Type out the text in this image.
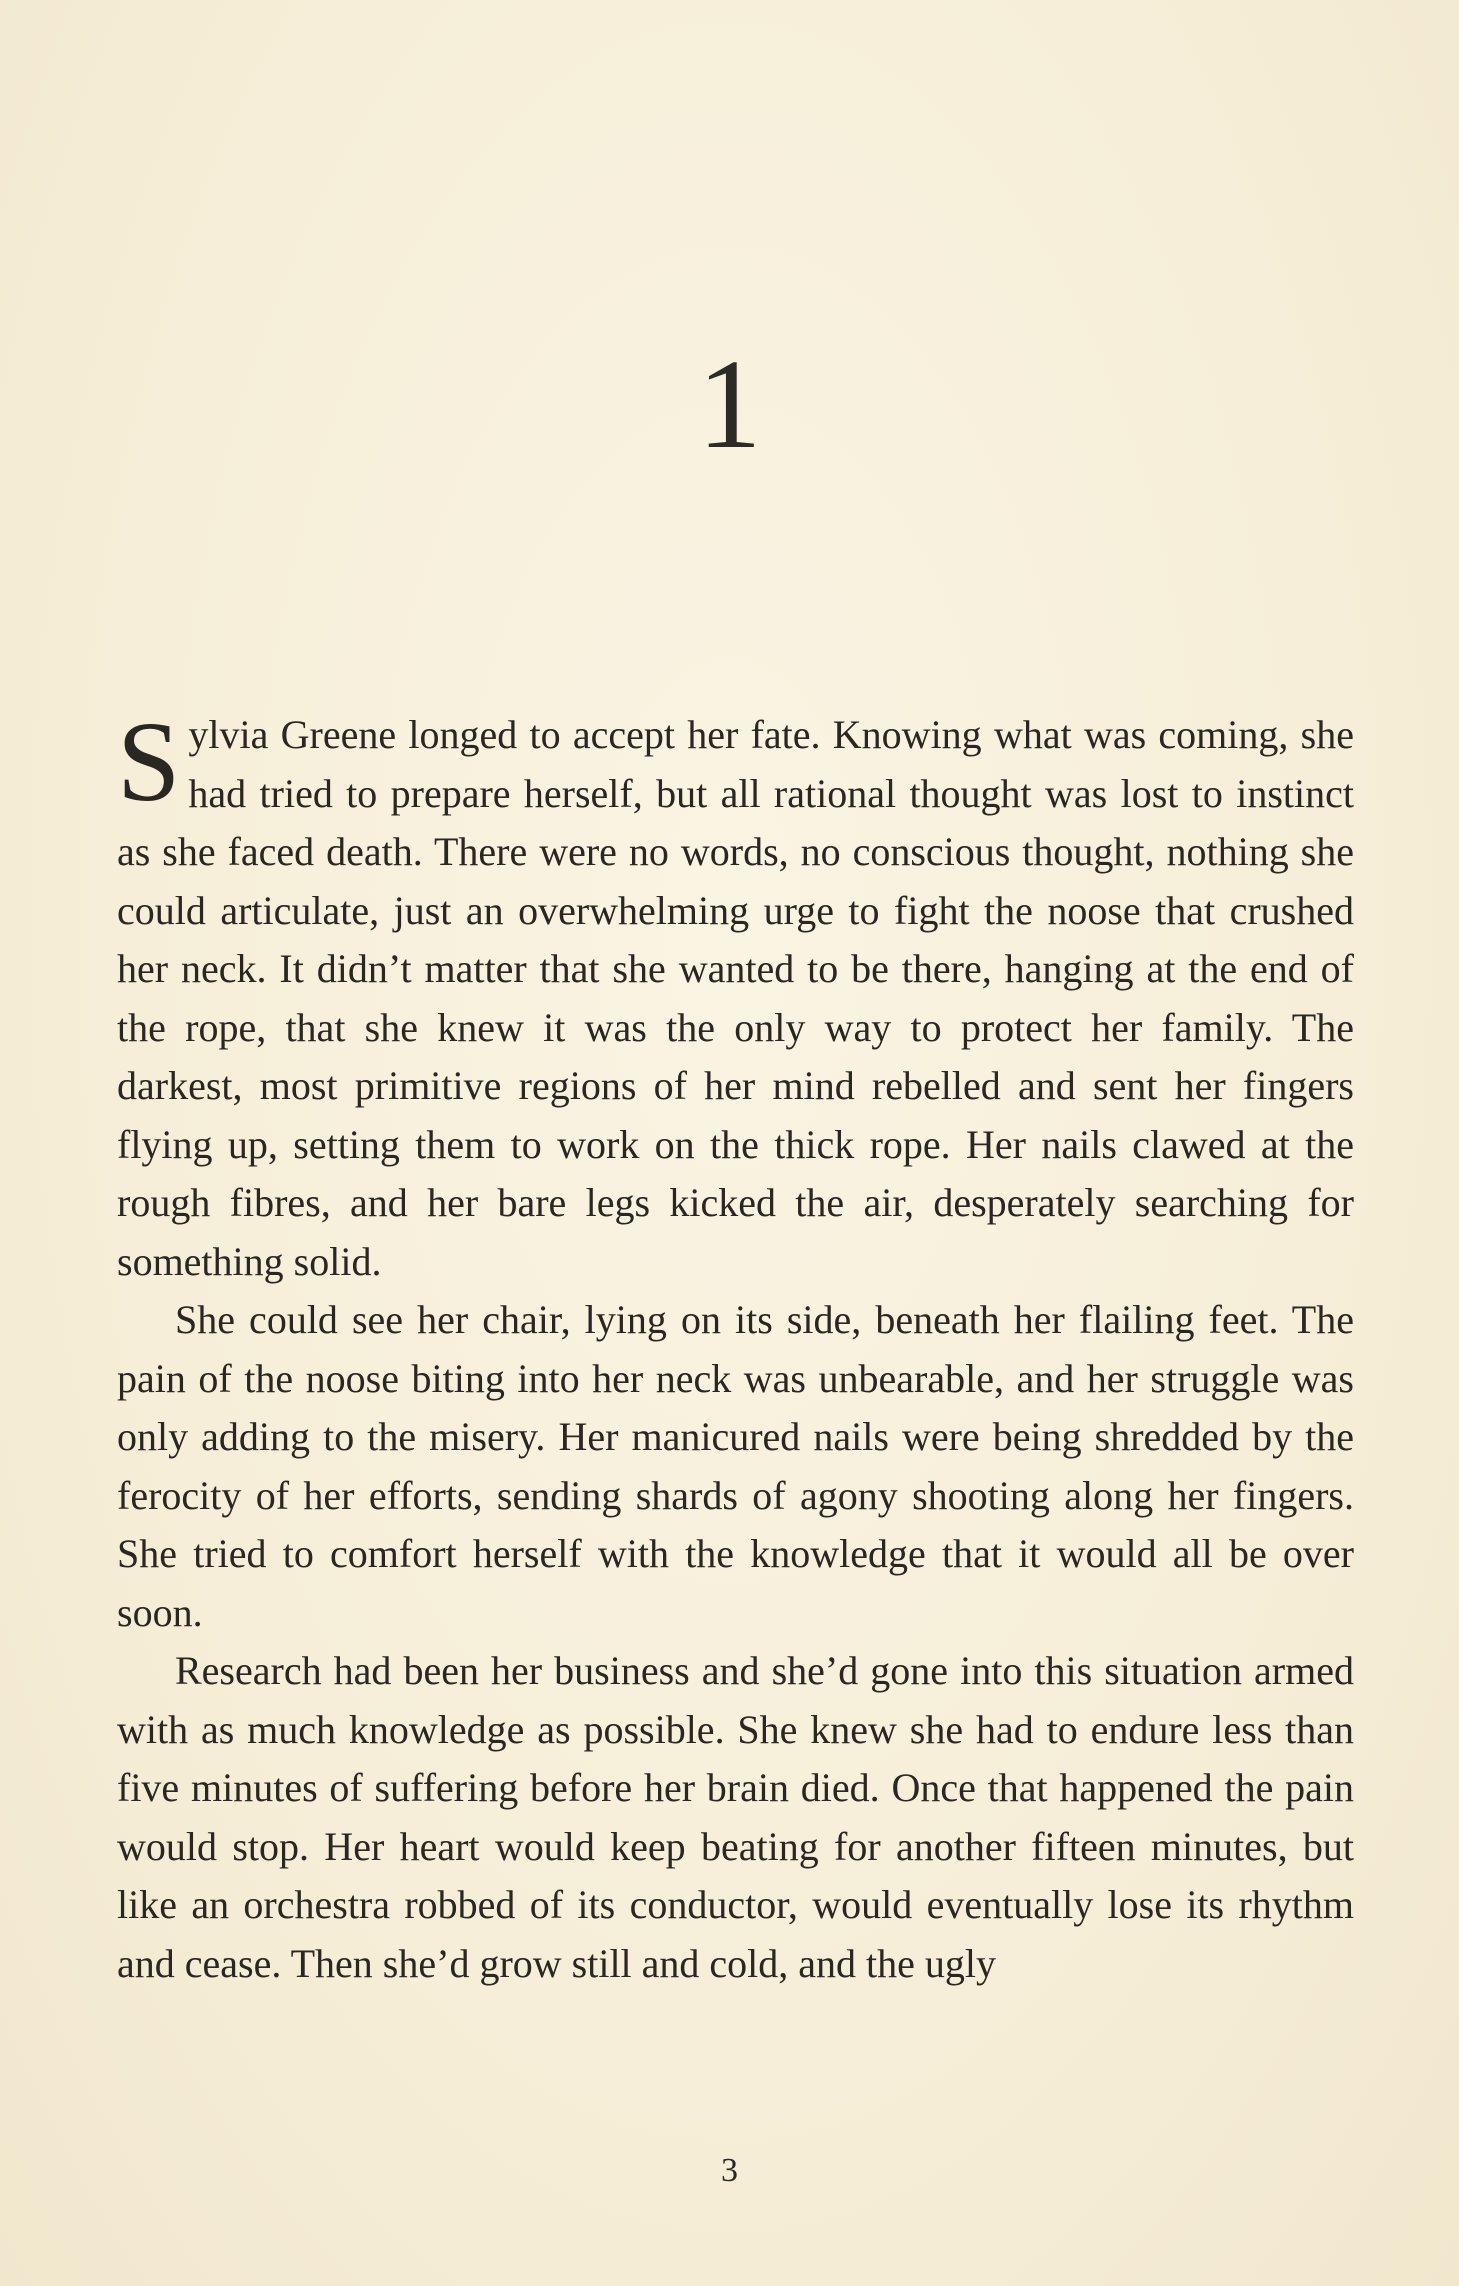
1

Sylvia Greene longed to accept her fate. Knowing what was coming, she had tried to prepare herself, but all rational thought was lost to instinct as she faced death. There were no words, no conscious thought, nothing she could articulate, just an overwhelming urge to fight the noose that crushed her neck. It didn’t matter that she wanted to be there, hanging at the end of the rope, that she knew it was the only way to protect her family. The darkest, most primitive regions of her mind rebelled and sent her fingers flying up, setting them to work on the thick rope. Her nails clawed at the rough fibres, and her bare legs kicked the air, desperately searching for something solid.

She could see her chair, lying on its side, beneath her flailing feet. The pain of the noose biting into her neck was unbearable, and her struggle was only adding to the misery. Her manicured nails were being shredded by the ferocity of her efforts, sending shards of agony shooting along her fingers. She tried to comfort herself with the knowledge that it would all be over soon.

Research had been her business and she’d gone into this situation armed with as much knowledge as possible. She knew she had to endure less than five minutes of suffering before her brain died. Once that happened the pain would stop. Her heart would keep beating for another fifteen minutes, but like an orchestra robbed of its conductor, would eventually lose its rhythm and cease. Then she’d grow still and cold, and the ugly

3
